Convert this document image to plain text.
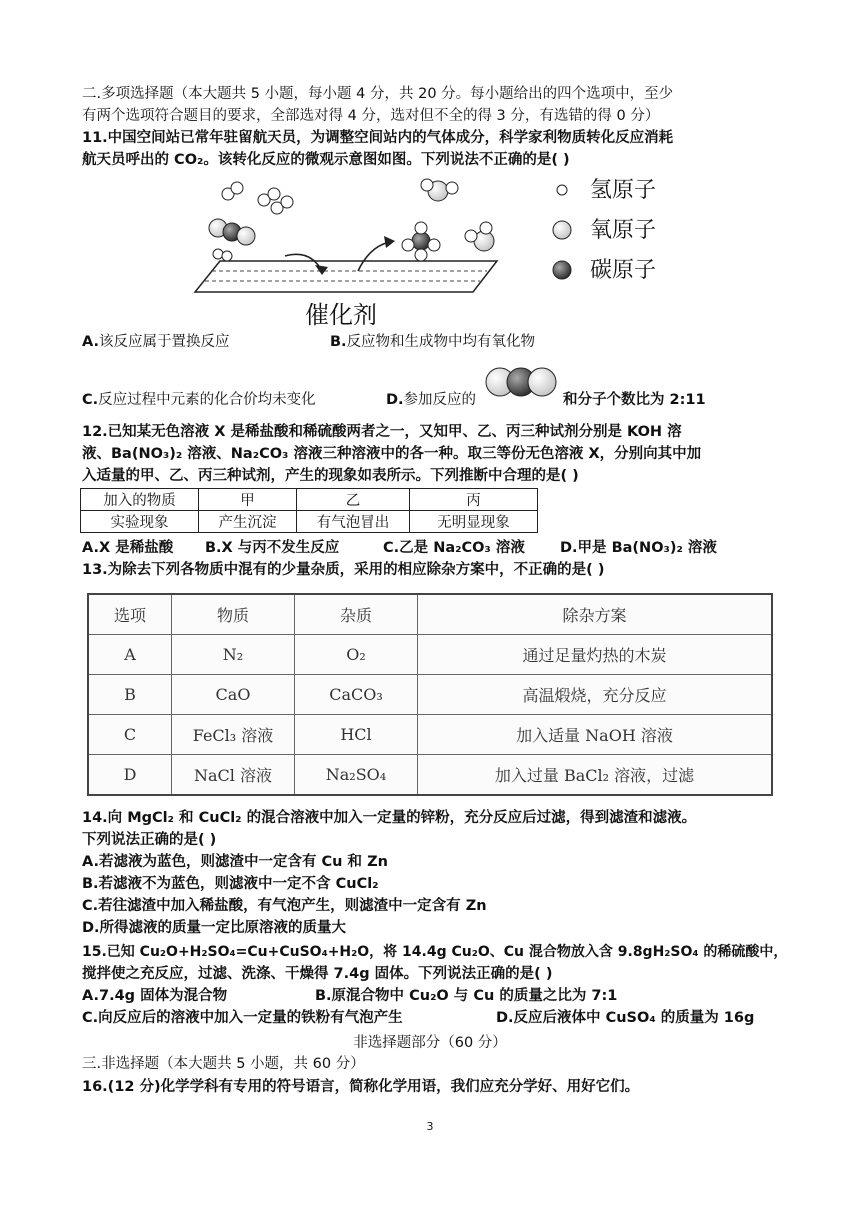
二.多项选择题（本大题共 5 小题，每小题 4 分，共 20 分。每小题给出的四个选项中，至少
有两个选项符合题目的要求，全部选对得 4 分，选对但不全的得 3 分，有选错的得 0 分）
11.中国空间站已常年驻留航天员，为调整空间站内的气体成分，科学家利物质转化反应消耗
航天员呼出的 CO₂。该转化反应的微观示意图如图。下列说法不正确的是( )
氢原子
氧原子
碳原子
催化剂
A.该反应属于置换反应	B.反应物和生成物中均有氧化物
C.反应过程中元素的化合价均未变化	D.参加反应的	和分子个数比为 2:11
12.已知某无色溶液 X 是稀盐酸和稀硫酸两者之一，又知甲、乙、丙三种试剂分别是 KOH 溶
液、Ba(NO₃)₂ 溶液、Na₂CO₃ 溶液三种溶液中的各一种。取三等份无色溶液 X，分别向其中加
入适量的甲、乙、丙三种试剂，产生的现象如表所示。下列推断中合理的是( )
加入的物质	甲	乙	丙
实验现象	产生沉淀	有气泡冒出	无明显现象
A.X 是稀盐酸 B.X 与丙不发生反应	C.乙是 Na₂CO₃ 溶液 D.甲是 Ba(NO₃)₂ 溶液
13.为除去下列各物质中混有的少量杂质，采用的相应除杂方案中，不正确的是( )
选项	物质	杂质	除杂方案
A	N₂	O₂	通过足量灼热的木炭
B	CaO	CaCO₃	高温煅烧，充分反应
C	FeCl₃ 溶液	HCl	加入适量 NaOH 溶液
D	NaCl 溶液	Na₂SO₄	加入过量 BaCl₂ 溶液，过滤
14.向 MgCl₂ 和 CuCl₂ 的混合溶液中加入一定量的锌粉，充分反应后过滤，得到滤渣和滤液。
下列说法正确的是( )
A.若滤液为蓝色，则滤渣中一定含有 Cu 和 Zn
B.若滤液不为蓝色，则滤液中一定不含 CuCl₂
C.若往滤渣中加入稀盐酸，有气泡产生，则滤渣中一定含有 Zn
D.所得滤液的质量一定比原溶液的质量大
15.已知 Cu₂O+H₂SO₄=Cu+CuSO₄+H₂O，将 14.4g Cu₂O、Cu 混合物放入含 9.8gH₂SO₄ 的稀硫酸中，
搅拌使之充反应，过滤、洗涤、干燥得 7.4g 固体。下列说法正确的是( )
A.7.4g 固体为混合物	B.原混合物中 Cu₂O 与 Cu 的质量之比为 7:1
C.向反应后的溶液中加入一定量的铁粉有气泡产生	D.反应后液体中 CuSO₄ 的质量为 16g
非选择题部分（60 分）
三.非选择题（本大题共 5 小题，共 60 分）
16.(12 分)化学学科有专用的符号语言，简称化学用语，我们应充分学好、用好它们。
3
